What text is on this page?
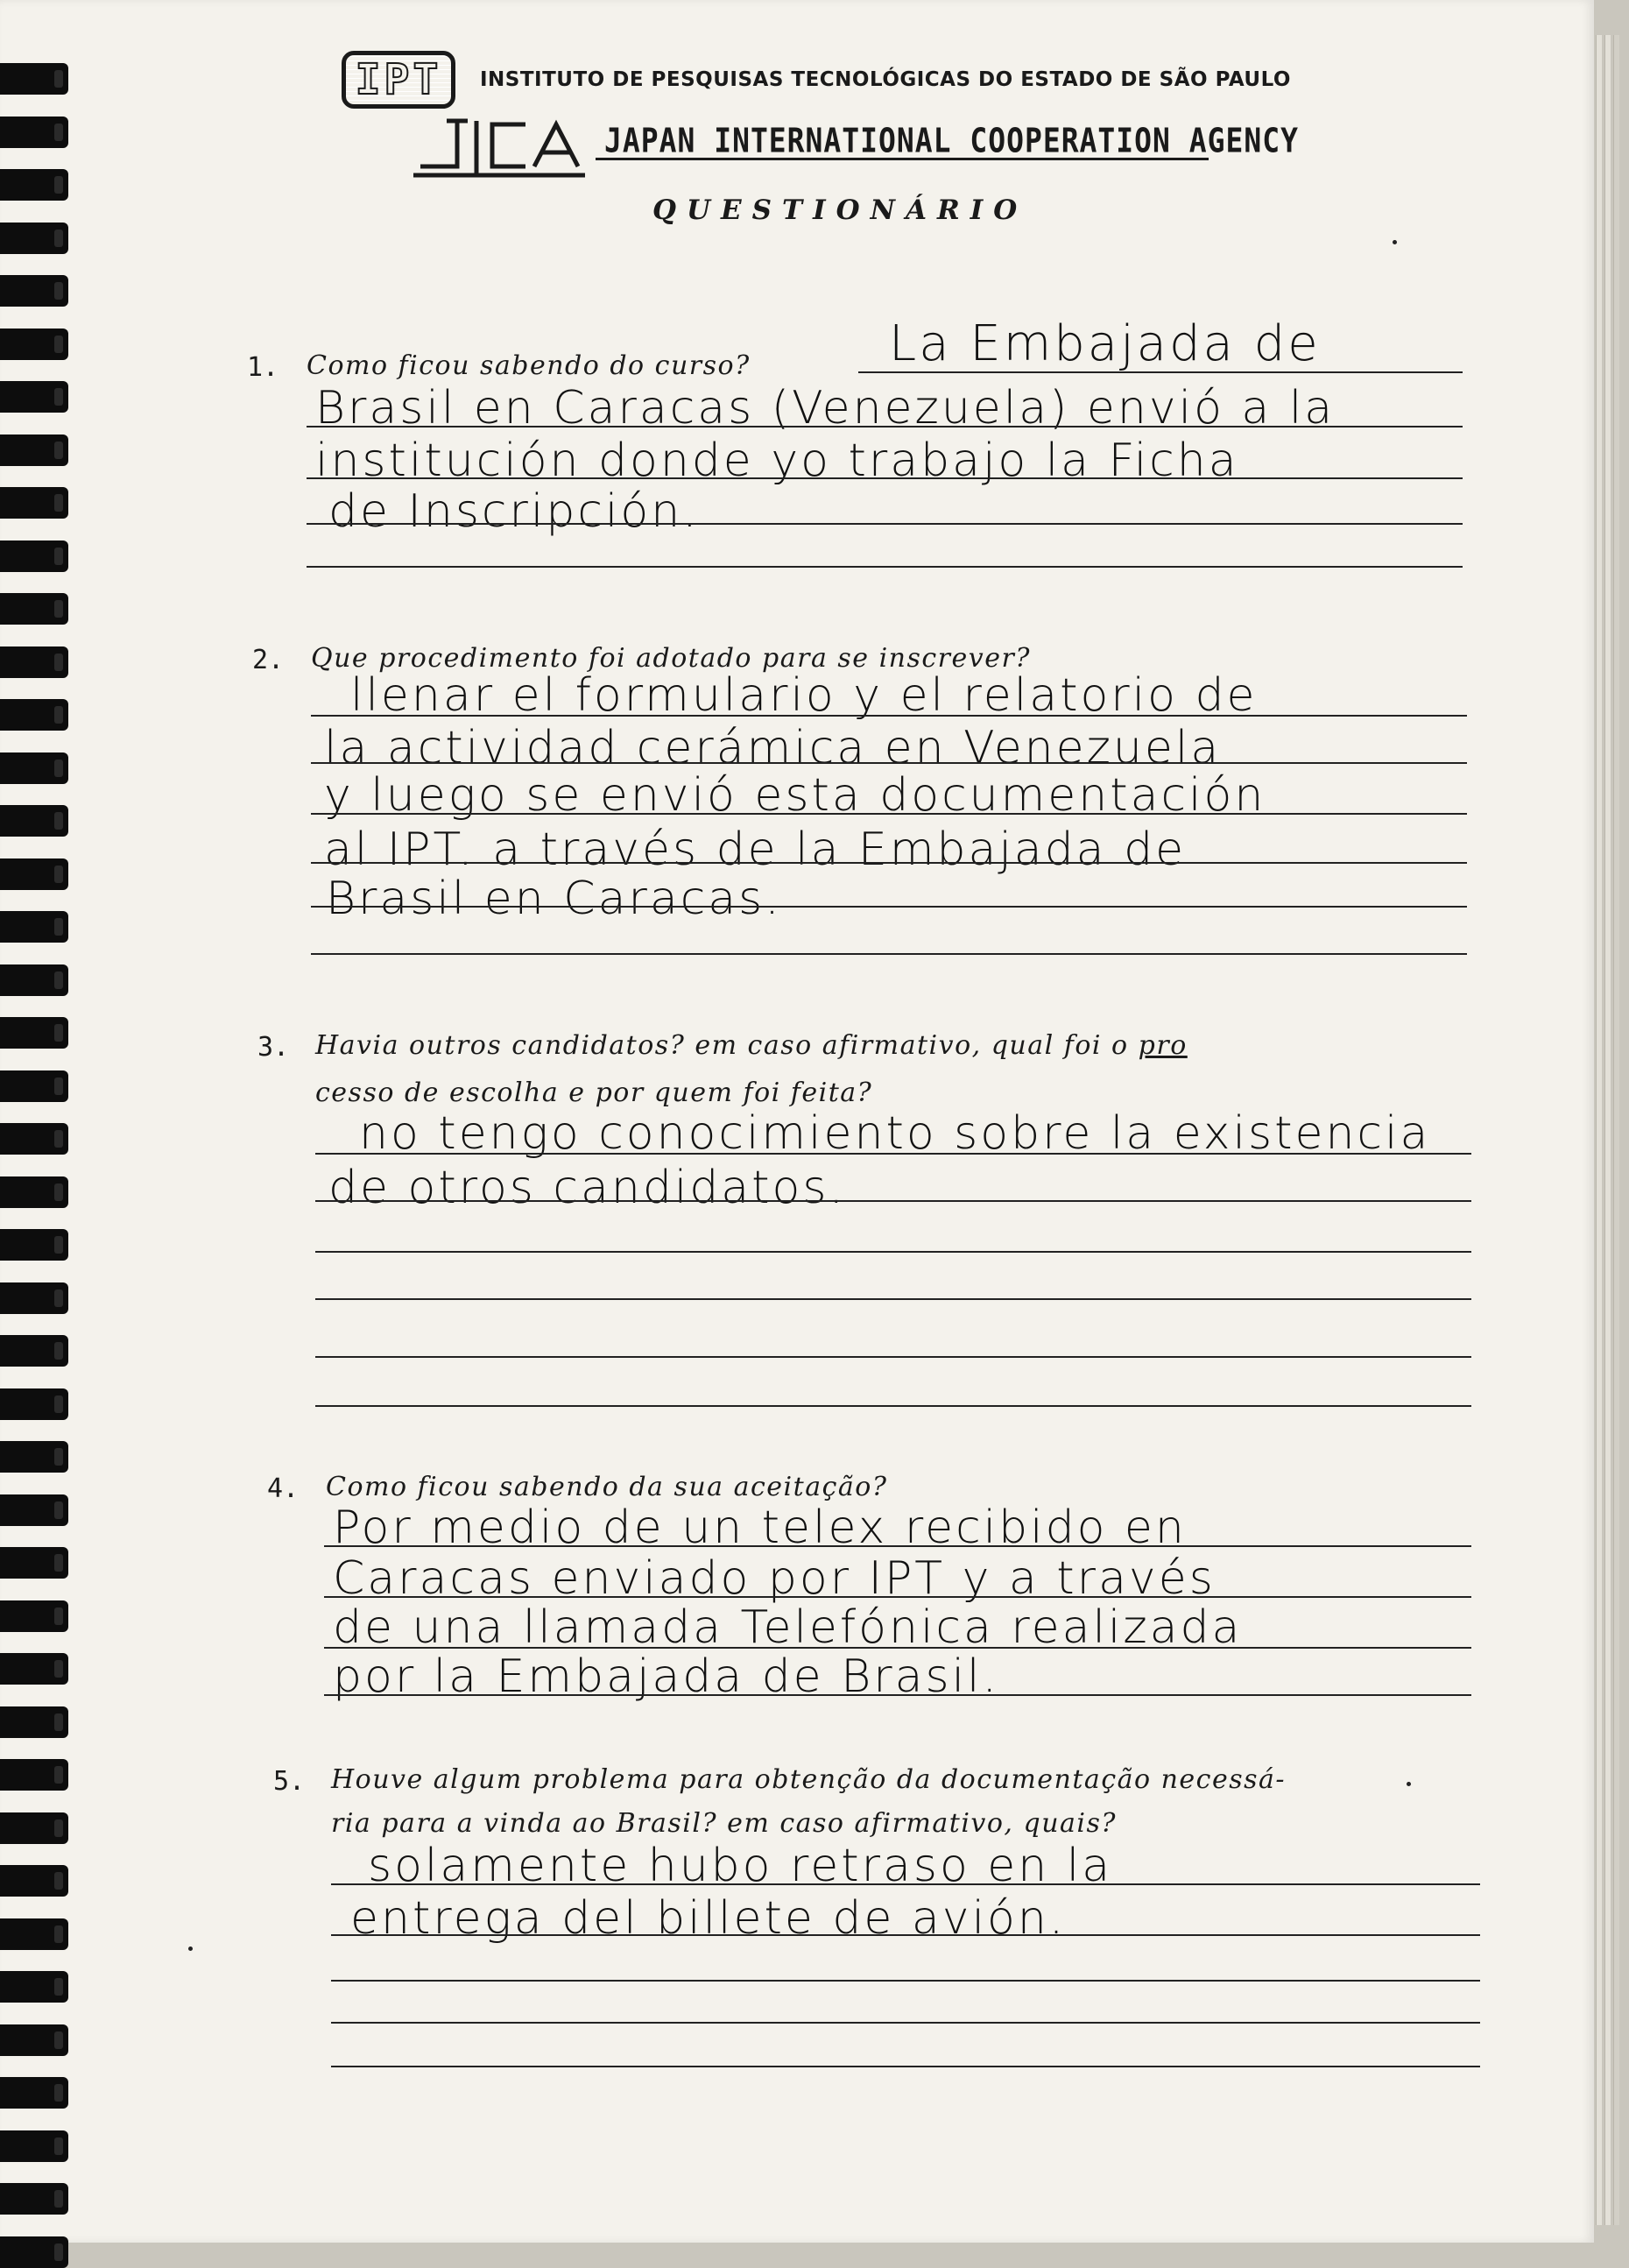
IPT INSTITUTO DE PESQUISAS TECNOLÓGICAS DO ESTADO DE SÃO PAULO
JAPAN INTERNATIONAL COOPERATION AGENCY
QUESTIONÁRIO
1. Como ficou sabendo do curso?	La Embajada de
Brasil en Caracas (Venezuela) envió a la
institución donde yo trabajo la Ficha
de Inscripción.
2. Que procedimento foi adotado para se inscrever?
llenar el formulario y el relatorio de
la actividad cerámica en Venezuela
y luego se envió esta documentación
al IPT. a través de la Embajada de
Brasil en Caracas.
3. Havia outros candidatos? em caso afirmativo, qual foi o pro
cesso de escolha e por quem foi feita?
no tengo conocimiento sobre la existencia
de otros candidatos.
4. Como ficou sabendo da sua aceitação?
Por medio de un telex recibido en
Caracas enviado por IPT y a través
de una llamada Telefónica realizada
por la Embajada de Brasil.
5. Houve algum problema para obtenção da documentação necessá-
ria para a vinda ao Brasil? em caso afirmativo, quais?
solamente hubo retraso en la
entrega del billete de avión.
